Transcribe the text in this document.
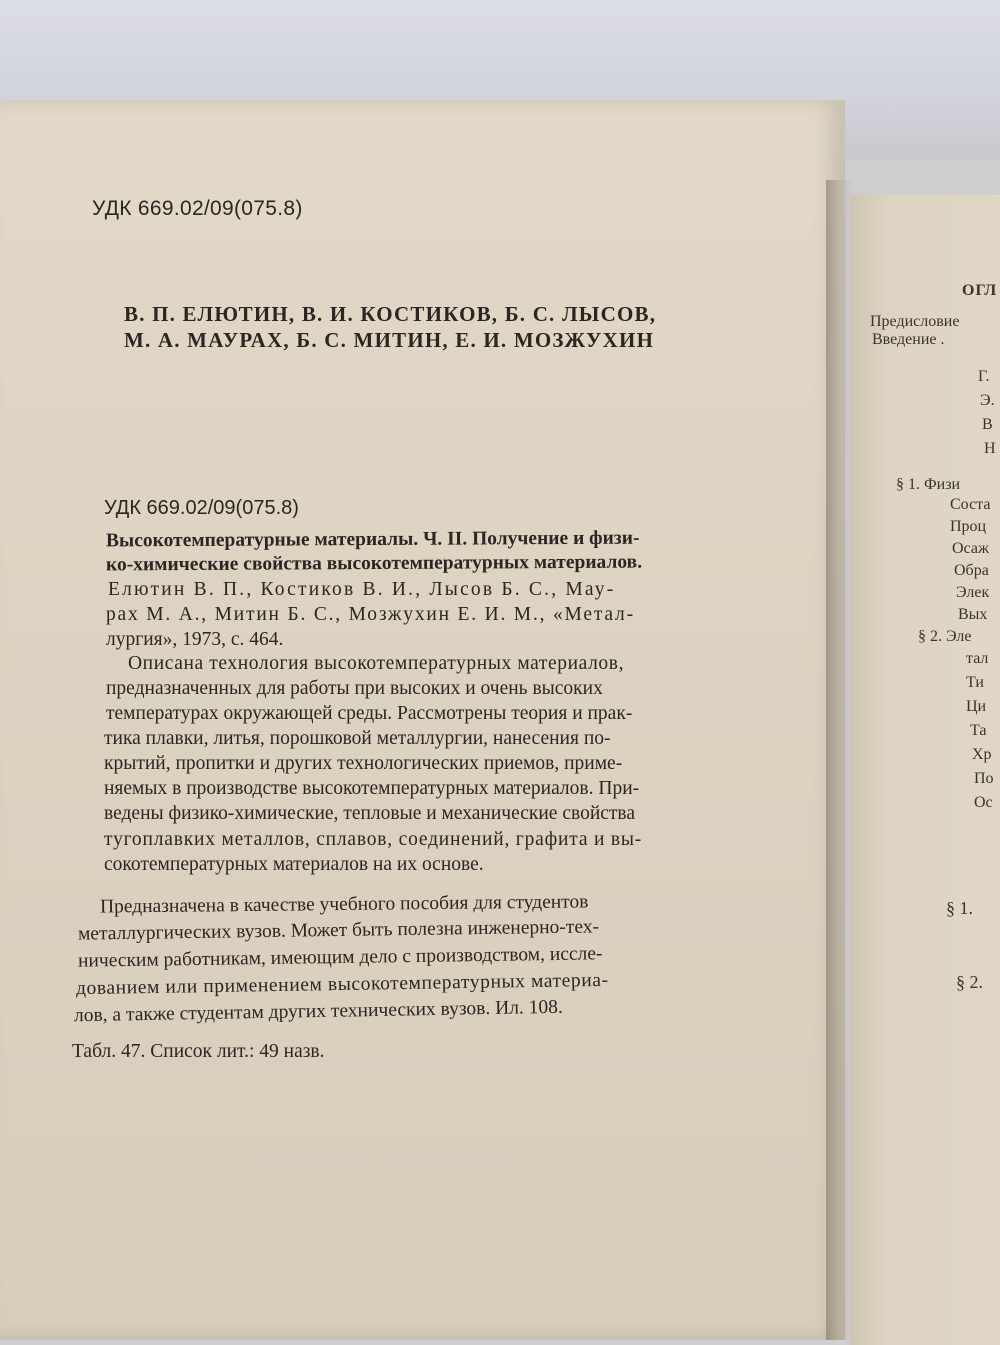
УДК 669.02/09(075.8)
В. П. ЕЛЮТИН, В. И. КОСТИКОВ, Б. С. ЛЫСОВ,
М. А. МАУРАХ, Б. С. МИТИН, Е. И. МОЗЖУХИН
УДК 669.02/09(075.8)
Высокотемпературные материалы. Ч. II. Получение и физи-
ко-химические свойства высокотемпературных материалов.
Елютин В. П., Костиков В. И., Лысов Б. С., Мау-
рах М. А., Митин Б. С., Мозжухин Е. И. М., «Метал-
лургия», 1973, с. 464.
Описана технология высокотемпературных материалов,
предназначенных для работы при высоких и очень высоких
температурах окружающей среды. Рассмотрены теория и прак-
тика плавки, литья, порошковой металлургии, нанесения по-
крытий, пропитки и других технологических приемов, приме-
няемых в производстве высокотемпературных материалов. При-
ведены физико-химические, тепловые и механические свойства
тугоплавких металлов, сплавов, соединений, графита и вы-
сокотемпературных материалов на их основе.
Предназначена в качестве учебного пособия для студентов
металлургических вузов. Может быть полезна инженерно-тех-
ническим работникам, имеющим дело с производством, иссле-
дованием или применением высокотемпературных материа-
лов, а также студентам других технических вузов. Ил. 108.
Табл. 47. Список лит.: 49 назв.
ОГЛ
Предисловие
Введение .
Г.
Э.
В
Н
§ 1. Физи
Соста
Проц
Осаж
Обра
Элек
Вых
§ 2. Эле
тал
Ти
Ци
Та
Хр
По
Ос
§ 1.
§ 2.
